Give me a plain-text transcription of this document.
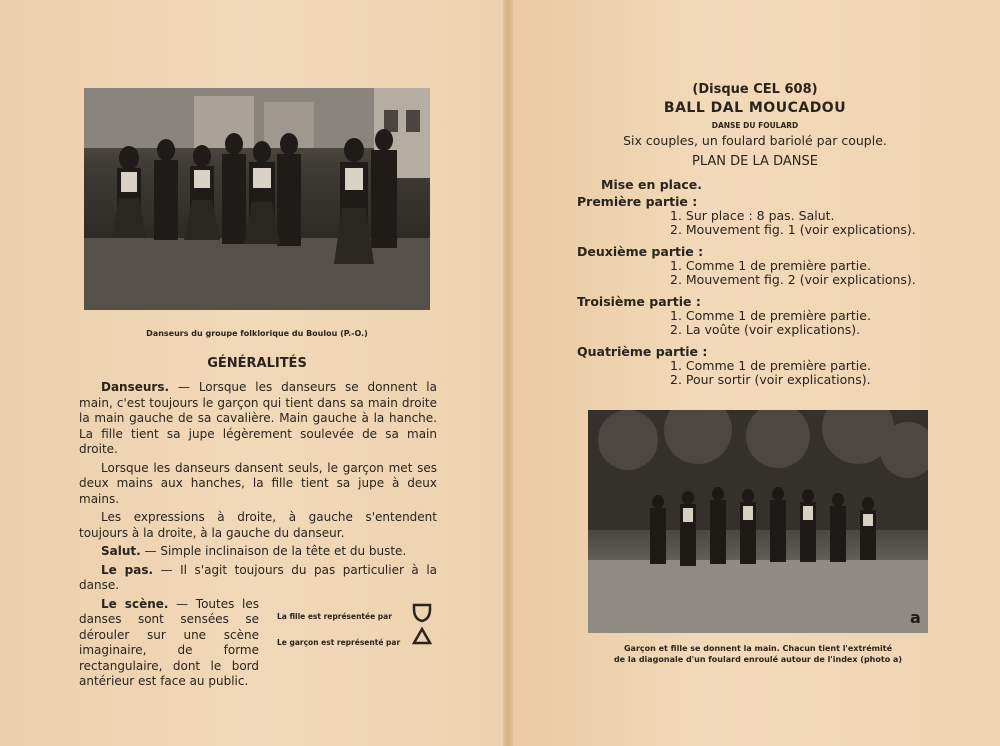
Danseurs du groupe folklorique du Boulou (P.-O.)
GÉNÉRALITÉS

Danseurs. — Lorsque les danseurs se donnent la main, c'est toujours le garçon qui tient dans sa main droite la main gauche de sa cavalière. Main gauche à la hanche. La fille tient sa jupe légèrement soulevée de sa main droite.

Lorsque les danseurs dansent seuls, le garçon met ses deux mains aux hanches, la fille tient sa jupe à deux mains.

Les expressions à droite, à gauche s'entendent toujours à la droite, à la gauche du danseur.

Salut. — Simple inclinaison de la tête et du buste.

Le pas. — Il s'agit toujours du pas particulier à la danse.

Le scène. — Toutes les danses sont sensées se dérouler sur une scène imaginaire, de forme rectangulaire, dont le bord antérieur est face au public.

La fille est représentée par
Le garçon est représenté par
(Disque CEL 608)
BALL DAL MOUCADOU
DANSE DU FOULARD
Six couples, un foulard bariolé par couple.
PLAN DE LA DANSE
Mise en place.
Première partie :
1. Sur place : 8 pas. Salut.
2. Mouvement fig. 1 (voir explications).
Deuxième partie :
1. Comme 1 de première partie.
2. Mouvement fig. 2 (voir explications).
Troisième partie :
1. Comme 1 de première partie.
2. La voûte (voir explications).
Quatrième partie :
1. Comme 1 de première partie.
2. Pour sortir (voir explications).
a
Garçon et fille se donnent la main. Chacun tient l'extrémité
de la diagonale d'un foulard enroulé autour de l'index (photo a)
